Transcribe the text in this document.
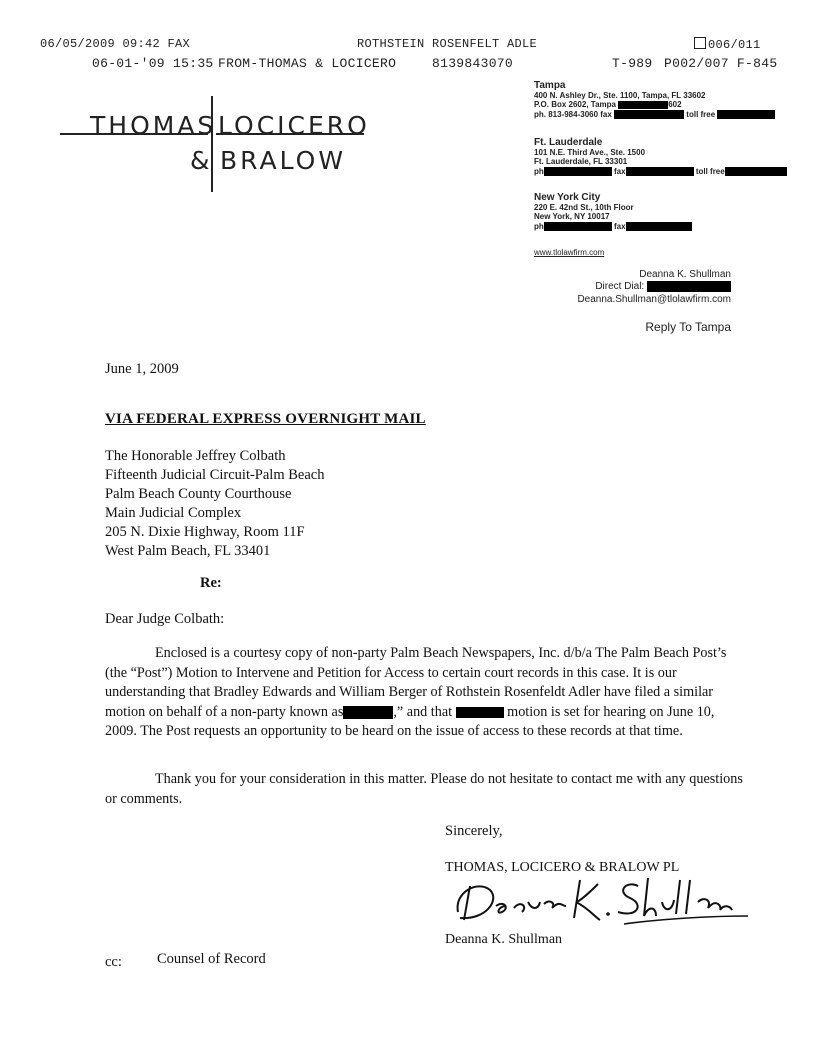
06/05/2009 09:42 FAX	ROTHSTEIN ROSENFELT ADLE	006/011
06-01-'09 15:35 FROM-THOMAS & LOCICERO	8139843070	T-989 P002/007 F-845
THOMAS LOCICERO
& BRALOW
Tampa
400 N. Ashley Dr., Ste. 1100, Tampa, FL 33602
P.O. Box 2602, Tampa	602
ph. 813-984-3060 fax	toll free
Ft. Lauderdale
101 N.E. Third Ave., Ste. 1500
Ft. Lauderdale, FL 33301
ph	fax	toll free
New York City
220 E. 42nd St., 10th Floor
New York, NY 10017
ph	fax
www.tlolawfirm.com
Deanna K. Shullman
Direct Dial:
Deanna.Shullman@tlolawfirm.com
Reply To Tampa
June 1, 2009
VIA FEDERAL EXPRESS OVERNIGHT MAIL
The Honorable Jeffrey Colbath
Fifteenth Judicial Circuit-Palm Beach
Palm Beach County Courthouse
Main Judicial Complex
205 N. Dixie Highway, Room 11F
West Palm Beach, FL 33401
Re:
Dear Judge Colbath:
Enclosed is a courtesy copy of non-party Palm Beach Newspapers, Inc. d/b/a The Palm Beach Post’s (the “Post”) Motion to Intervene and Petition for Access to certain court records in this case. It is our understanding that Bradley Edwards and William Berger of Rothstein Rosenfeldt Adler have filed a similar motion on behalf of a non-party known as	,” and that	motion is set for hearing on June 10, 2009. The Post requests an opportunity to be heard on the issue of access to these records at that time.
Thank you for your consideration in this matter. Please do not hesitate to contact me with any questions or comments.
Sincerely,
THOMAS, LOCICERO & BRALOW PL
Deanna K. Shullman
cc: Counsel of Record
